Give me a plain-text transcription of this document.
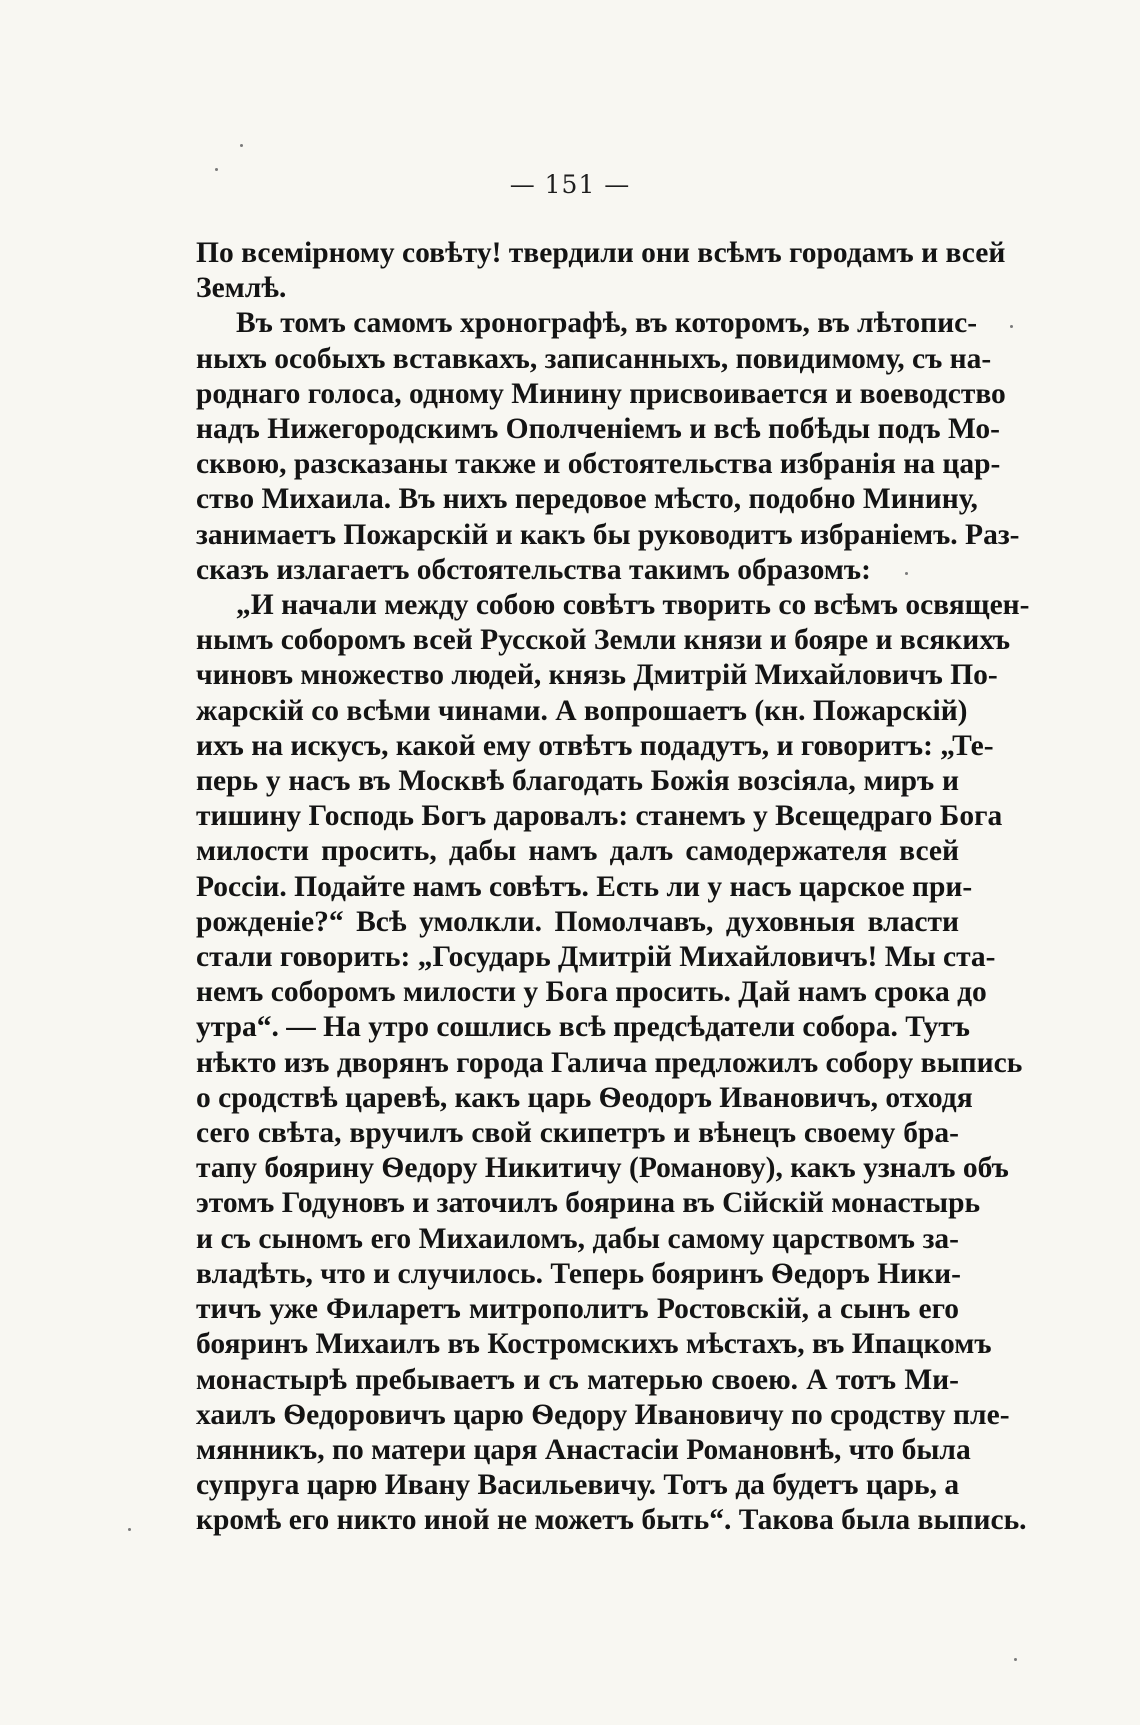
— 151 —
По всемірному совѣту! твердили они всѣмъ городамъ и всей
Землѣ.
Въ томъ самомъ хронографѣ, въ которомъ, въ лѣтопис-
ныхъ особыхъ вставкахъ, записанныхъ, повидимому, съ на-
роднаго голоса, одному Минину присвоивается и воеводство
надъ Нижегородскимъ Ополченіемъ и всѣ побѣды подъ Мо-
сквою, разсказаны также и обстоятельства избранія на цар-
ство Михаила. Въ нихъ передовое мѣсто, подобно Минину,
занимаетъ Пожарскій и какъ бы руководитъ избраніемъ. Раз-
сказъ излагаетъ обстоятельства такимъ образомъ:
„И начали между собою совѣтъ творить со всѣмъ освящен-
нымъ соборомъ всей Русской Земли князи и бояре и всякихъ
чиновъ множество людей, князь Дмитрій Михайловичъ По-
жарскій со всѣми чинами. А вопрошаетъ (кн. Пожарскій)
ихъ на искусъ, какой ему отвѣтъ подадутъ, и говоритъ: „Те-
перь у насъ въ Москвѣ благодать Божія возсіяла, миръ и
тишину Господь Богъ даровалъ: станемъ у Всещедраго Бога
милости просить, дабы намъ далъ самодержателя всей
Россіи. Подайте намъ совѣтъ. Есть ли у насъ царское при-
рожденіе?“ Всѣ умолкли. Помолчавъ, духовныя власти
стали говорить: „Государь Дмитрій Михайловичъ! Мы ста-
немъ соборомъ милости у Бога просить. Дай намъ срока до
утра“. — На утро сошлись всѣ предсѣдатели собора. Тутъ
нѣкто изъ дворянъ города Галича предложилъ собору выпись
о сродствѣ царевѣ, какъ царь Ѳеодоръ Ивановичъ, отходя
сего свѣта, вручилъ свой скипетръ и вѣнецъ своему бра-
тапу боярину Ѳедору Никитичу (Романову), какъ узналъ объ
этомъ Годуновъ и заточилъ боярина въ Сійскій монастырь
и съ сыномъ его Михаиломъ, дабы самому царствомъ за-
владѣть, что и случилось. Теперь бояринъ Ѳедоръ Ники-
тичъ уже Филаретъ митрополитъ Ростовскій, а сынъ его
бояринъ Михаилъ въ Костромскихъ мѣстахъ, въ Ипацкомъ
монастырѣ пребываетъ и съ матерью своею. А тотъ Ми-
хаилъ Ѳедоровичъ царю Ѳедору Ивановичу по сродству пле-
мянникъ, по матери царя Анастасіи Романовнѣ, что была
супруга царю Ивану Васильевичу. Тотъ да будетъ царь, а
кромѣ его никто иной не можетъ быть“. Такова была выпись.
